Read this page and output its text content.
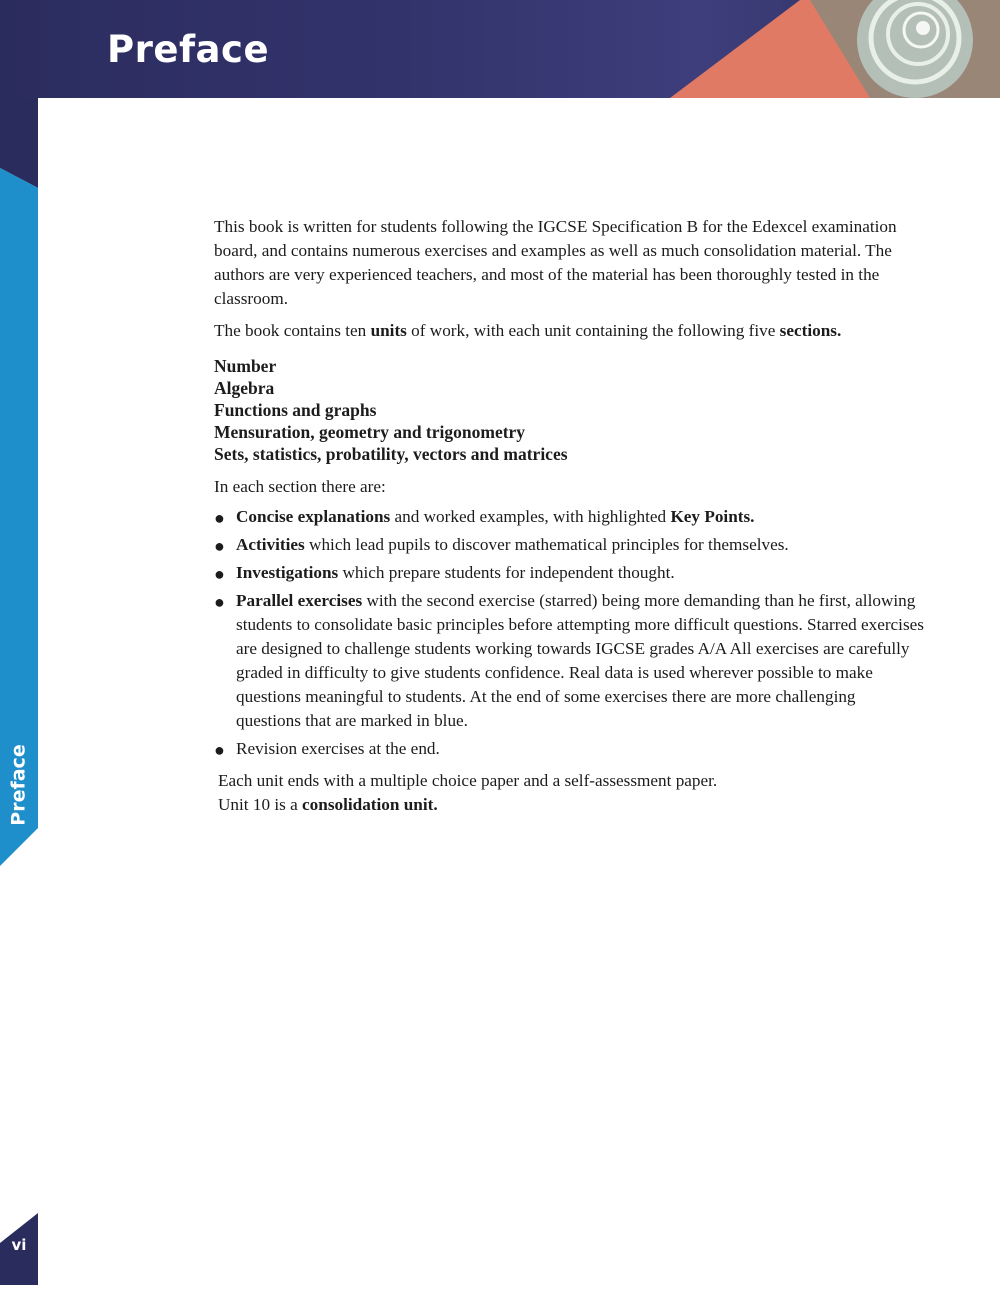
Preface
Preface
vi

This book is written for students following the IGCSE Specification B for the Edexcel examination board, and contains numerous exercises and examples as well as much consolidation material. The authors are very experienced teachers, and most of the material has been thoroughly tested in the classroom.

The book contains ten units of work, with each unit containing the following five sections.

Number
Algebra
Functions and graphs
Mensuration, geometry and trigonometry
Sets, statistics, probatility, vectors and matrices

In each section there are:

● Concise explanations and worked examples, with highlighted Key Points.
● Activities which lead pupils to discover mathematical principles for themselves.
● Investigations which prepare students for independent thought.
● Parallel exercises with the second exercise (starred) being more demanding than he first, allowing students to consolidate basic principles before attempting more difficult questions. Starred exercises are designed to challenge students working towards IGCSE grades A/A All exercises are carefully graded in difficulty to give students confidence. Real data is used wherever possible to make questions meaningful to students. At the end of some exercises there are more challenging questions that are marked in blue.
● Revision exercises at the end.

Each unit ends with a multiple choice paper and a self-assessment paper.

Unit 10 is a consolidation unit.
